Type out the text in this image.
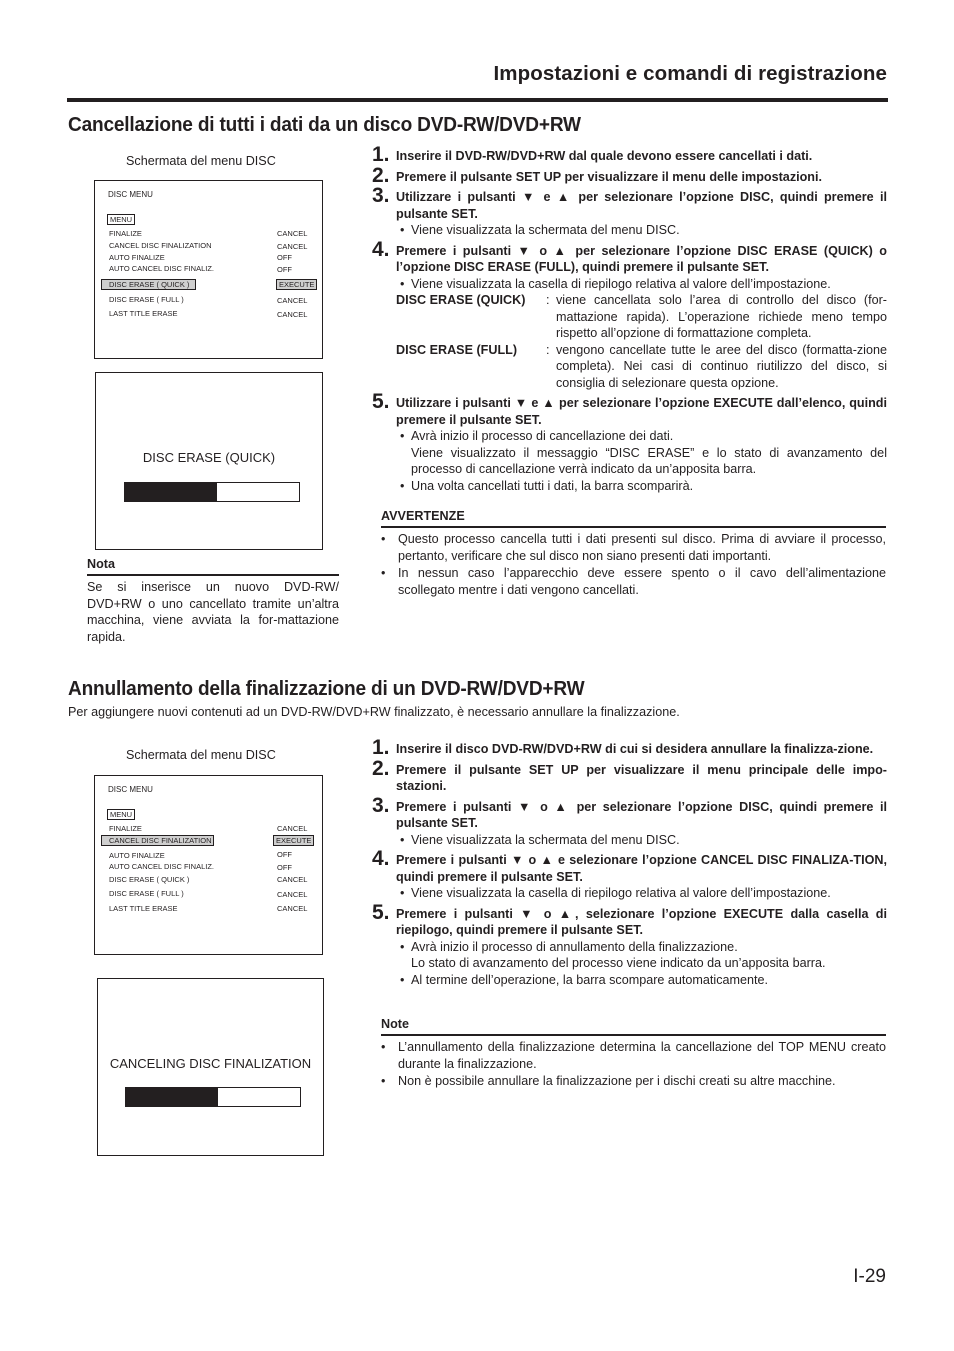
Impostazioni e comandi di registrazione
Cancellazione di tutti i dati da un disco DVD-RW/DVD+RW
Schermata del menu DISC
DISC MENU
MENU
FINALIZE	CANCEL
CANCEL DISC FINALIZATION	CANCEL
AUTO FINALIZE	OFF
AUTO CANCEL DISC FINALIZ.	OFF
DISC ERASE ( QUICK )	EXECUTE
DISC ERASE ( FULL )	CANCEL
LAST TITLE ERASE	CANCEL
DISC ERASE (QUICK)
Nota
Se si inserisce un nuovo DVD-RW/ DVD+RW o uno cancellato tramite un’altra macchina, viene avviata la for-mattazione rapida.
1. Inserire il DVD-RW/DVD+RW dal quale devono essere cancellati i dati.
2. Premere il pulsante SET UP per visualizzare il menu delle impostazioni.
3. Utilizzare i pulsanti ▼ e ▲ per selezionare l’opzione DISC, quindi premere il pulsante SET.
• Viene visualizzata la schermata del menu DISC.
4. Premere i pulsanti ▼ o ▲ per selezionare l’opzione DISC ERASE (QUICK) o l’opzione DISC ERASE (FULL), quindi premere il pulsante SET.
• Viene visualizzata la casella di riepilogo relativa al valore dell’impostazione.
DISC ERASE (QUICK)	: viene cancellata solo l’area di controllo del disco (for-mattazione rapida). L’operazione richiede meno tempo rispetto all’opzione di formattazione completa.
DISC ERASE (FULL)	: vengono cancellate tutte le aree del disco (formatta-zione completa). Nei casi di continuo riutilizzo del disco, si consiglia di selezionare questa opzione.
5. Utilizzare i pulsanti ▼ e ▲ per selezionare l’opzione EXECUTE dall’elenco, quindi premere il pulsante SET.
• Avrà inizio il processo di cancellazione dei dati.
Viene visualizzato il messaggio “DISC ERASE” e lo stato di avanzamento del processo di cancellazione verrà indicato da un’apposita barra.
• Una volta cancellati tutti i dati, la barra scomparirà.
AVVERTENZE
• Questo processo cancella tutti i dati presenti sul disco. Prima di avviare il processo, pertanto, verificare che sul disco non siano presenti dati importanti.
• In nessun caso l’apparecchio deve essere spento o il cavo dell’alimentazione scollegato mentre i dati vengono cancellati.
Annullamento della finalizzazione di un DVD-RW/DVD+RW
Per aggiungere nuovi contenuti ad un DVD-RW/DVD+RW finalizzato, è necessario annullare la finalizzazione.
Schermata del menu DISC
DISC MENU
MENU
FINALIZE	CANCEL
CANCEL DISC FINALIZATION	EXECUTE
AUTO FINALIZE	OFF
AUTO CANCEL DISC FINALIZ.	OFF
DISC ERASE ( QUICK )	CANCEL
DISC ERASE ( FULL )	CANCEL
LAST TITLE ERASE	CANCEL
CANCELING DISC FINALIZATION
1. Inserire il disco DVD-RW/DVD+RW di cui si desidera annullare la finalizza-zione.
2. Premere il pulsante SET UP per visualizzare il menu principale delle impo-stazioni.
3. Premere i pulsanti ▼ o ▲ per selezionare l’opzione DISC, quindi premere il pulsante SET.
• Viene visualizzata la schermata del menu DISC.
4. Premere i pulsanti ▼ o ▲ e selezionare l’opzione CANCEL DISC FINALIZA-TION, quindi premere il pulsante SET.
• Viene visualizzata la casella di riepilogo relativa al valore dell’impostazione.
5. Premere i pulsanti ▼ o ▲, selezionare l’opzione EXECUTE dalla casella di riepilogo, quindi premere il pulsante SET.
• Avrà inizio il processo di annullamento della finalizzazione.
Lo stato di avanzamento del processo viene indicato da un’apposita barra.
• Al termine dell’operazione, la barra scompare automaticamente.
Note
• L’annullamento della finalizzazione determina la cancellazione del TOP MENU creato durante la finalizzazione.
• Non è possibile annullare la finalizzazione per i dischi creati su altre macchine.
I-29
